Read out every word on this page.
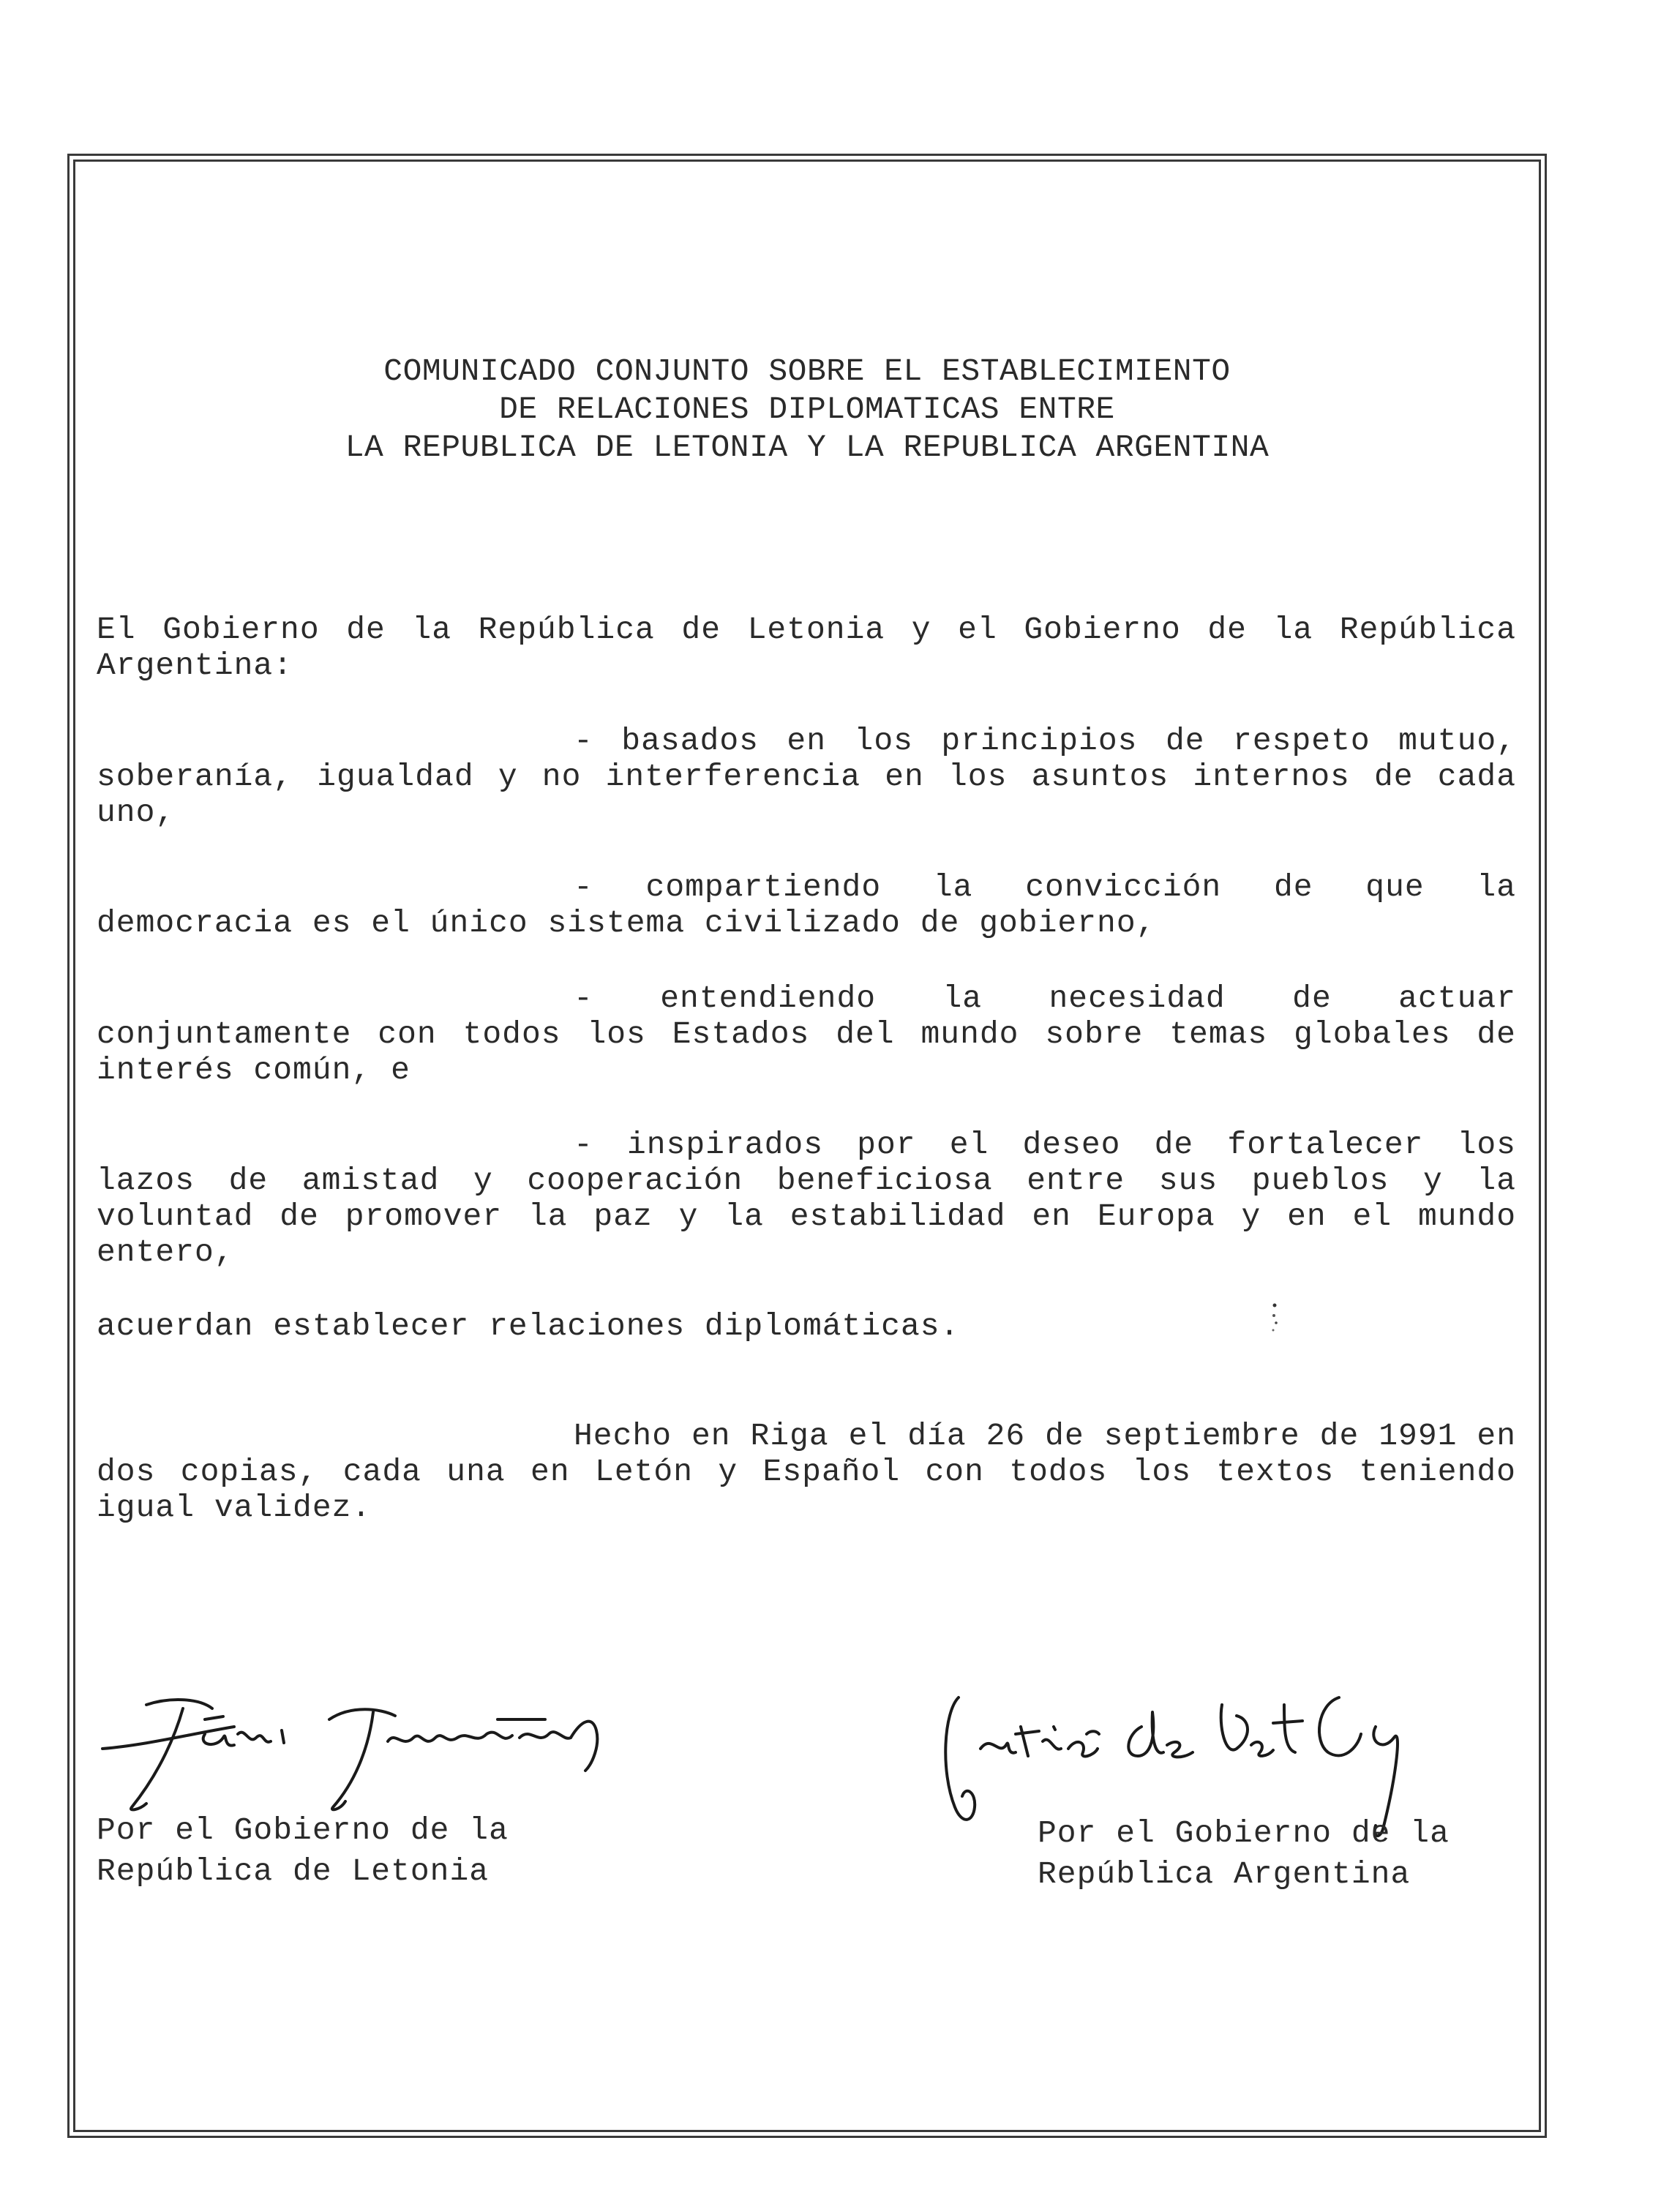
COMUNICADO CONJUNTO SOBRE EL ESTABLECIMIENTO
DE RELACIONES DIPLOMATICAS ENTRE
LA REPUBLICA DE LETONIA Y LA REPUBLICA ARGENTINA
El Gobierno de la República de Letonia y el Gobierno de la República Argentina:
- basados en los principios de respeto mutuo, soberanía, igualdad y no interferencia en los asuntos internos de cada uno,
- compartiendo la convicción de que la democracia es el único sistema civilizado de gobierno,
- entendiendo la necesidad de actuar conjuntamente con todos los Estados del mundo sobre temas globales de interés común, e
- inspirados por el deseo de fortalecer los lazos de amistad y cooperación beneficiosa entre sus pueblos y la voluntad de promover la paz y la estabilidad en Europa y en el mundo entero,
acuerdan establecer relaciones diplomáticas.
Hecho en Riga el día 26 de septiembre de 1991 en dos copias, cada una en Letón y Español con todos los textos teniendo igual validez.
Por el Gobierno de la
República de Letonia
Por el Gobierno de la
República Argentina
